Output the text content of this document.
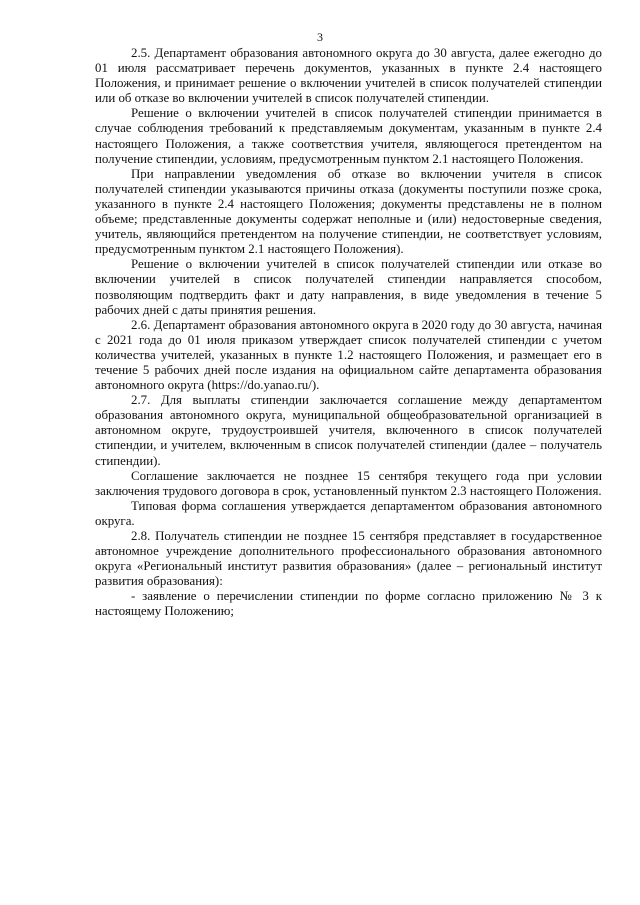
3

2.5. Департамент образования автономного округа до 30 августа, далее ежегодно до 01 июля рассматривает перечень документов, указанных в пункте 2.4 настоящего Положения, и принимает решение о включении учителей в список получателей стипендии или об отказе во включении учителей в список получателей стипендии.

Решение о включении учителей в список получателей стипендии принимается в случае соблюдения требований к представляемым документам, указанным в пункте 2.4 настоящего Положения, а также соответствия учителя, являющегося претендентом на получение стипендии, условиям, предусмотренным пунктом 2.1 настоящего Положения.

При направлении уведомления об отказе во включении учителя в список получателей стипендии указываются причины отказа (документы поступили позже срока, указанного в пункте 2.4 настоящего Положения; документы представлены не в полном объеме; представленные документы содержат неполные и (или) недостоверные сведения, учитель, являющийся претендентом на получение стипендии, не соответствует условиям, предусмотренным пунктом 2.1 настоящего Положения).

Решение о включении учителей в список получателей стипендии или отказе во включении учителей в список получателей стипендии направляется способом, позволяющим подтвердить факт и дату направления, в виде уведомления в течение 5 рабочих дней с даты принятия решения.

2.6. Департамент образования автономного округа в 2020 году до 30 августа, начиная с 2021 года до 01 июля приказом утверждает список получателей стипендии с учетом количества учителей, указанных в пункте 1.2 настоящего Положения, и размещает его в течение 5 рабочих дней после издания на официальном сайте департамента образования автономного округа (https://do.yanao.ru/).

2.7. Для выплаты стипендии заключается соглашение между департаментом образования автономного округа, муниципальной общеобразовательной организацией в автономном округе, трудоустроившей учителя, включенного в список получателей стипендии, и учителем, включенным в список получателей стипендии (далее – получатель стипендии).

Соглашение заключается не позднее 15 сентября текущего года при условии заключения трудового договора в срок, установленный пунктом 2.3 настоящего Положения.

Типовая форма соглашения утверждается департаментом образования автономного округа.

2.8. Получатель стипендии не позднее 15 сентября представляет в государственное автономное учреждение дополнительного профессионального образования автономного округа «Региональный институт развития образования» (далее – региональный институт развития образования):

- заявление о перечислении стипендии по форме согласно приложению № 3 к настоящему Положению;
